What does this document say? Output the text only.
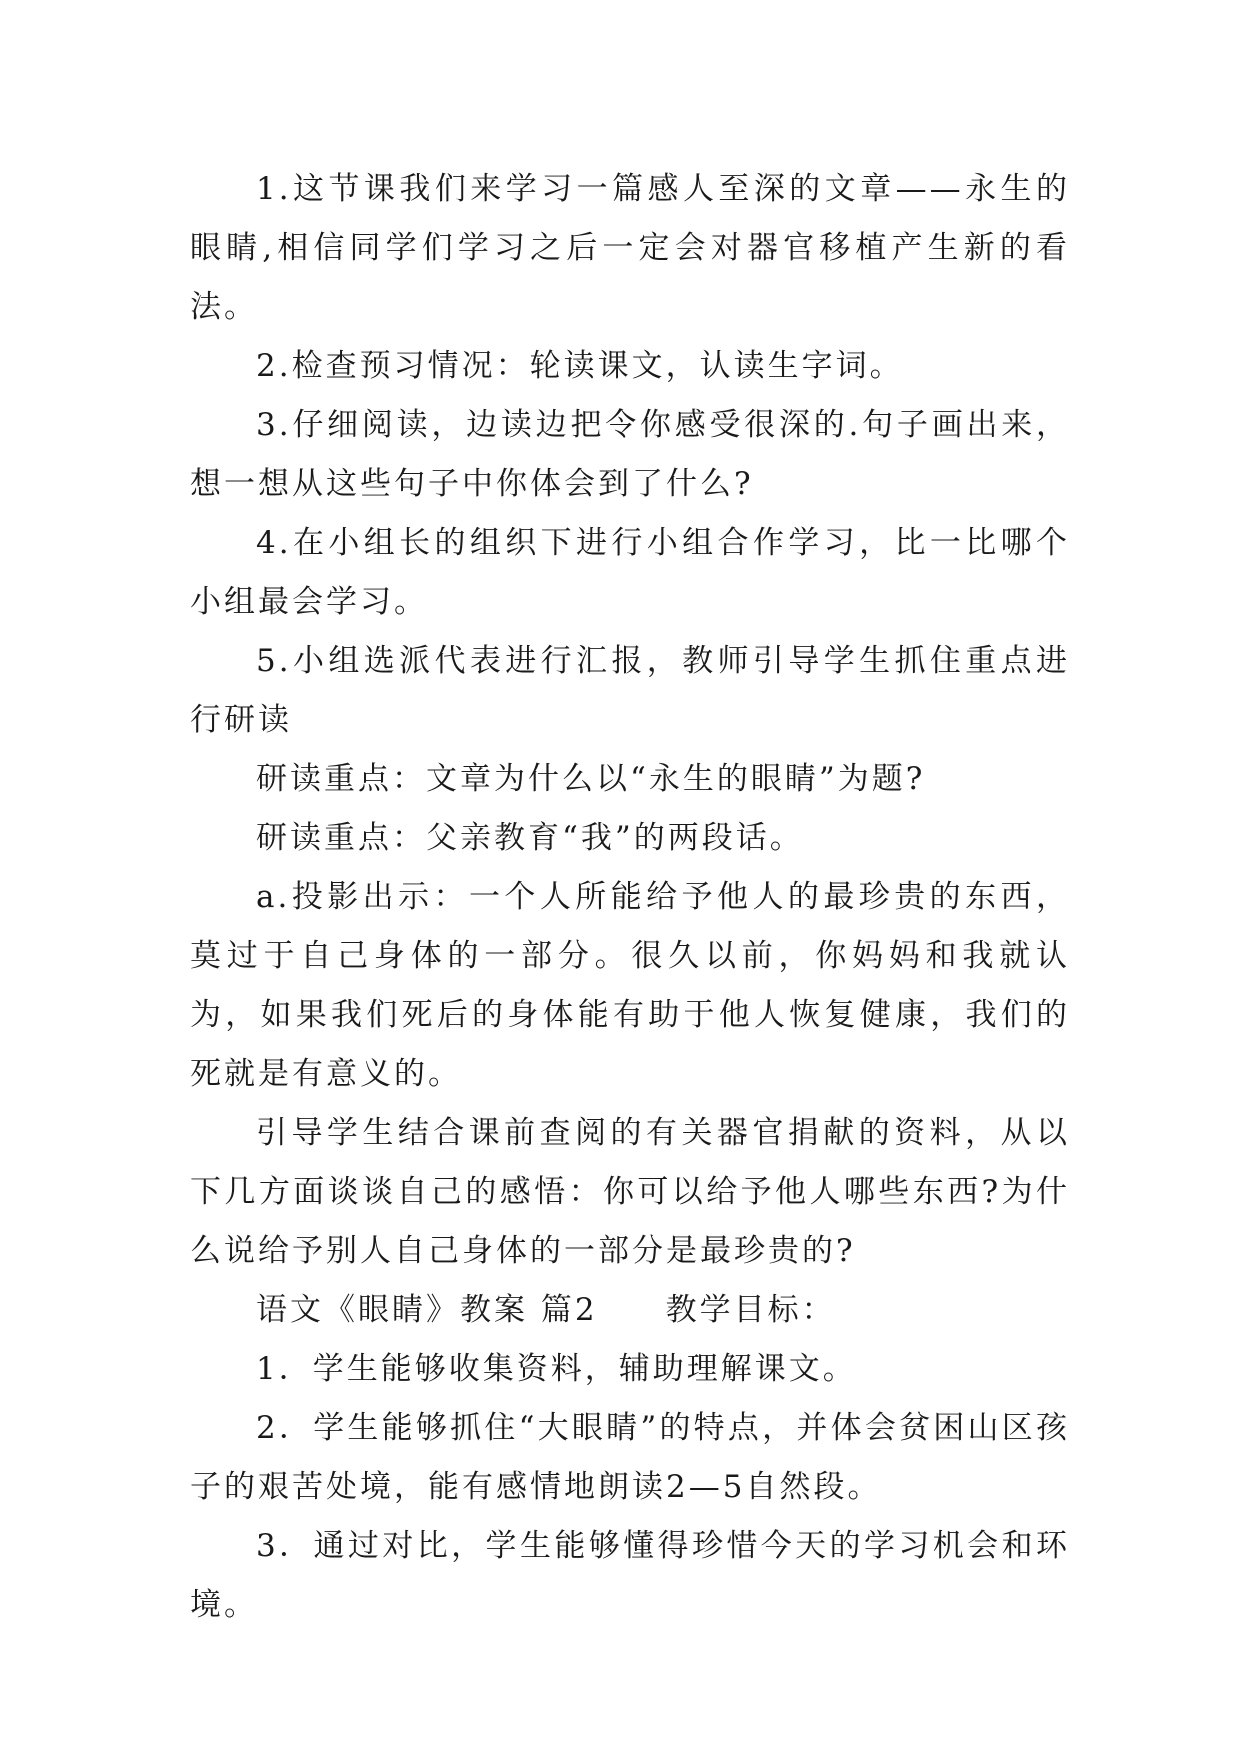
1.这节课我们来学习一篇感人至深的文章——永生的眼睛,相信同学们学习之后一定会对器官移植产生新的看法。

2.检查预习情况：轮读课文，认读生字词。

3.仔细阅读，边读边把令你感受很深的.句子画出来，想一想从这些句子中你体会到了什么?

4.在小组长的组织下进行小组合作学习，比一比哪个小组最会学习。

5.小组选派代表进行汇报，教师引导学生抓住重点进行研读

研读重点：文章为什么以“永生的眼睛”为题?

研读重点：父亲教育“我”的两段话。

a.投影出示：一个人所能给予他人的最珍贵的东西，莫过于自己身体的一部分。很久以前，你妈妈和我就认为，如果我们死后的身体能有助于他人恢复健康，我们的死就是有意义的。

引导学生结合课前查阅的有关器官捐献的资料，从以下几方面谈谈自己的感悟：你可以给予他人哪些东西?为什么说给予别人自己身体的一部分是最珍贵的?

语文《眼睛》教案 篇2　　教学目标：

1．学生能够收集资料，辅助理解课文。

2．学生能够抓住“大眼睛”的特点，并体会贫困山区孩子的艰苦处境，能有感情地朗读2—5自然段。

3．通过对比，学生能够懂得珍惜今天的学习机会和环境。
